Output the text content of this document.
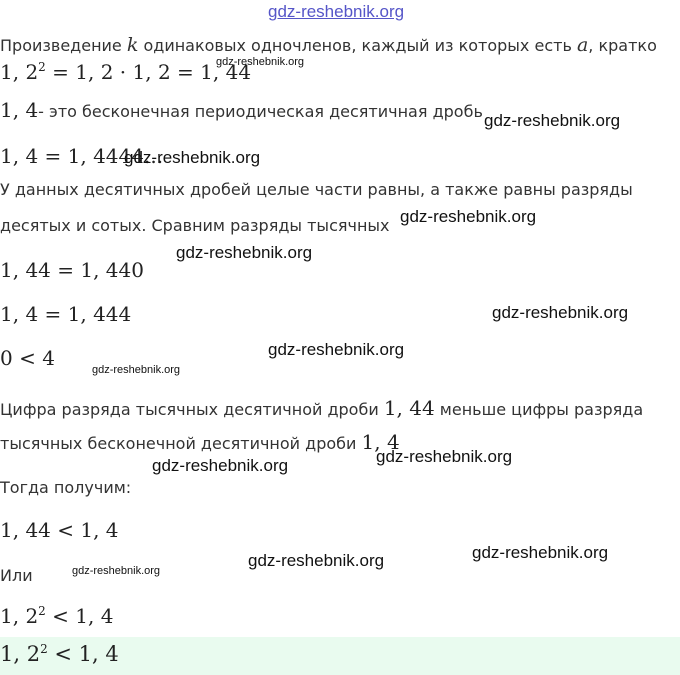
gdz-reshebnik.org
Произведение k одинаковых одночленов, каждый из которых есть a, кратко
1, $2^2 = 1$, 2 · 1, 2 = 1, 44
1, 4- это бесконечная периодическая десятичная дробь
1, 4 = 1, 4444...
У данных десятичных дробей целые части равны, а также равны разряды
десятых и сотых. Сравним разряды тысячных
1, 44 = 1, 440
1, 4 = 1, 444
0 < 4
Цифра разряда тысячных десятичной дроби 1, 44 меньше цифры разряда
тысячных бесконечной десятичной дроби 1, 4
Тогда получим:
1, 44 < 1, 4
Или
1, $2^2 < 1$, 4
1, $2^2 < 1$, 4
gdz-reshebnik.org
gdz-reshebnik.org
gdz-reshebnik.org
gdz-reshebnik.org
gdz-reshebnik.org
gdz-reshebnik.org
gdz-reshebnik.org
gdz-reshebnik.org
gdz-reshebnik.org
gdz-reshebnik.org
gdz-reshebnik.org
gdz-reshebnik.org
gdz-reshebnik.org
